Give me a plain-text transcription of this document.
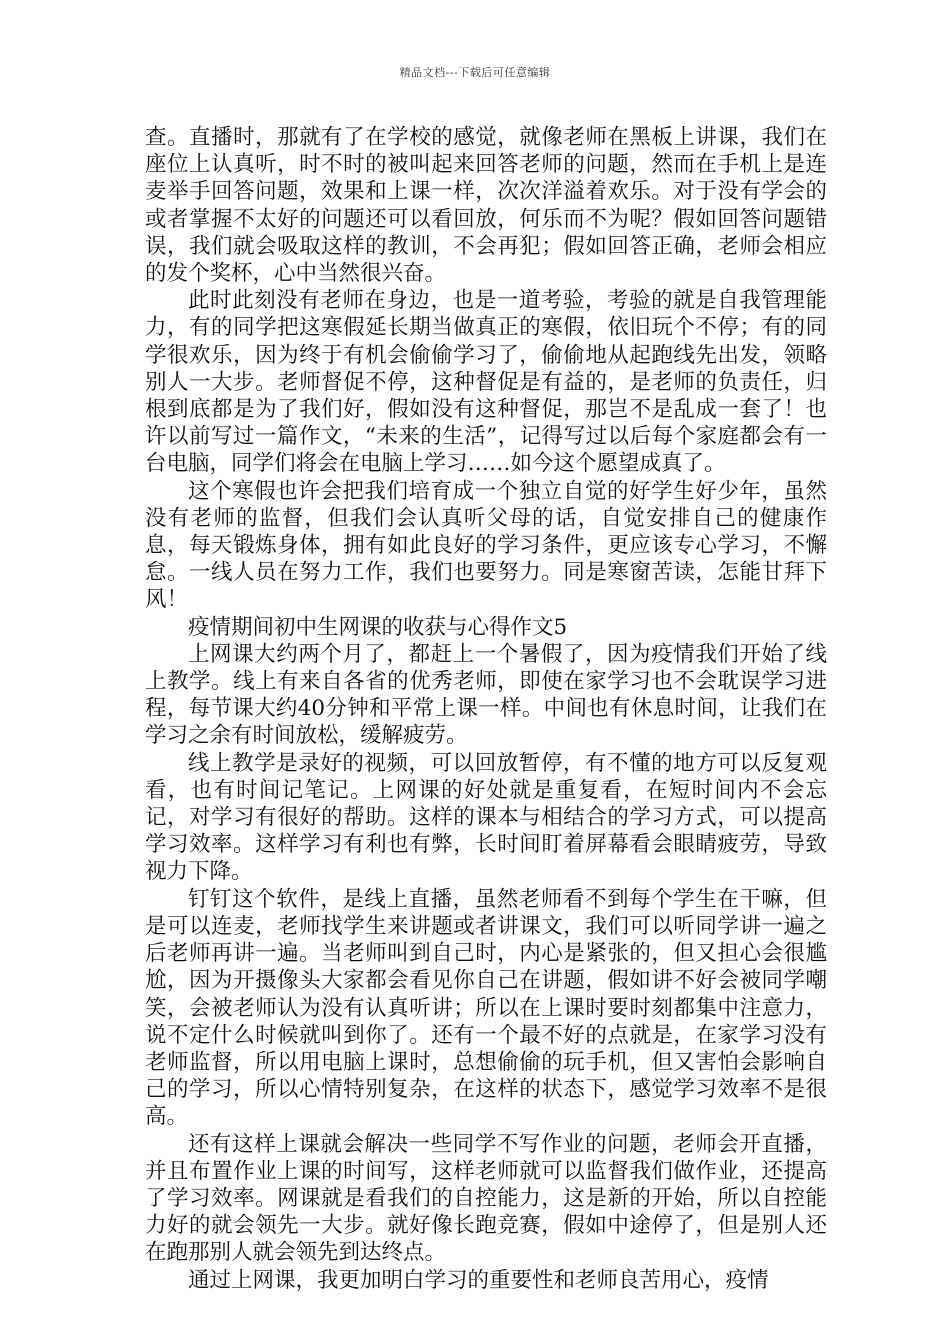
精品文档---下载后可任意编辑

查。直播时，那就有了在学校的感觉，就像老师在黑板上讲课，我们在座位上认真听，时不时的被叫起来回答老师的问题，然而在手机上是连麦举手回答问题，效果和上课一样，次次洋溢着欢乐。对于没有学会的或者掌握不太好的问题还可以看回放，何乐而不为呢？假如回答问题错误，我们就会吸取这样的教训，不会再犯；假如回答正确，老师会相应的发个奖杯，心中当然很兴奋。

此时此刻没有老师在身边，也是一道考验，考验的就是自我管理能力，有的同学把这寒假延长期当做真正的寒假，依旧玩个不停；有的同学很欢乐，因为终于有机会偷偷学习了，偷偷地从起跑线先出发，领略别人一大步。老师督促不停，这种督促是有益的，是老师的负责任，归根到底都是为了我们好，假如没有这种督促，那岂不是乱成一套了！也许以前写过一篇作文，“未来的生活”，记得写过以后每个家庭都会有一台电脑，同学们将会在电脑上学习……如今这个愿望成真了。

这个寒假也许会把我们培育成一个独立自觉的好学生好少年，虽然没有老师的监督，但我们会认真听父母的话，自觉安排自己的健康作息，每天锻炼身体，拥有如此良好的学习条件，更应该专心学习，不懈怠。一线人员在努力工作，我们也要努力。同是寒窗苦读，怎能甘拜下风！

疫情期间初中生网课的收获与心得作文5

上网课大约两个月了，都赶上一个暑假了，因为疫情我们开始了线上教学。线上有来自各省的优秀老师，即使在家学习也不会耽误学习进程，每节课大约40分钟和平常上课一样。中间也有休息时间，让我们在学习之余有时间放松，缓解疲劳。

线上教学是录好的视频，可以回放暂停，有不懂的地方可以反复观看，也有时间记笔记。上网课的好处就是重复看，在短时间内不会忘记，对学习有很好的帮助。这样的课本与相结合的学习方式，可以提高学习效率。这样学习有利也有弊，长时间盯着屏幕看会眼睛疲劳，导致视力下降。

钉钉这个软件，是线上直播，虽然老师看不到每个学生在干嘛，但是可以连麦，老师找学生来讲题或者讲课文，我们可以听同学讲一遍之后老师再讲一遍。当老师叫到自己时，内心是紧张的，但又担心会很尴尬，因为开摄像头大家都会看见你自己在讲题，假如讲不好会被同学嘲笑，会被老师认为没有认真听讲；所以在上课时要时刻都集中注意力，说不定什么时候就叫到你了。还有一个最不好的点就是，在家学习没有老师监督，所以用电脑上课时，总想偷偷的玩手机，但又害怕会影响自己的学习，所以心情特别复杂，在这样的状态下，感觉学习效率不是很高。

还有这样上课就会解决一些同学不写作业的问题，老师会开直播，并且布置作业上课的时间写，这样老师就可以监督我们做作业，还提高了学习效率。网课就是看我们的自控能力，这是新的开始，所以自控能力好的就会领先一大步。就好像长跑竞赛，假如中途停了，但是别人还在跑那别人就会领先到达终点。

通过上网课，我更加明白学习的重要性和老师良苦用心，疫情
